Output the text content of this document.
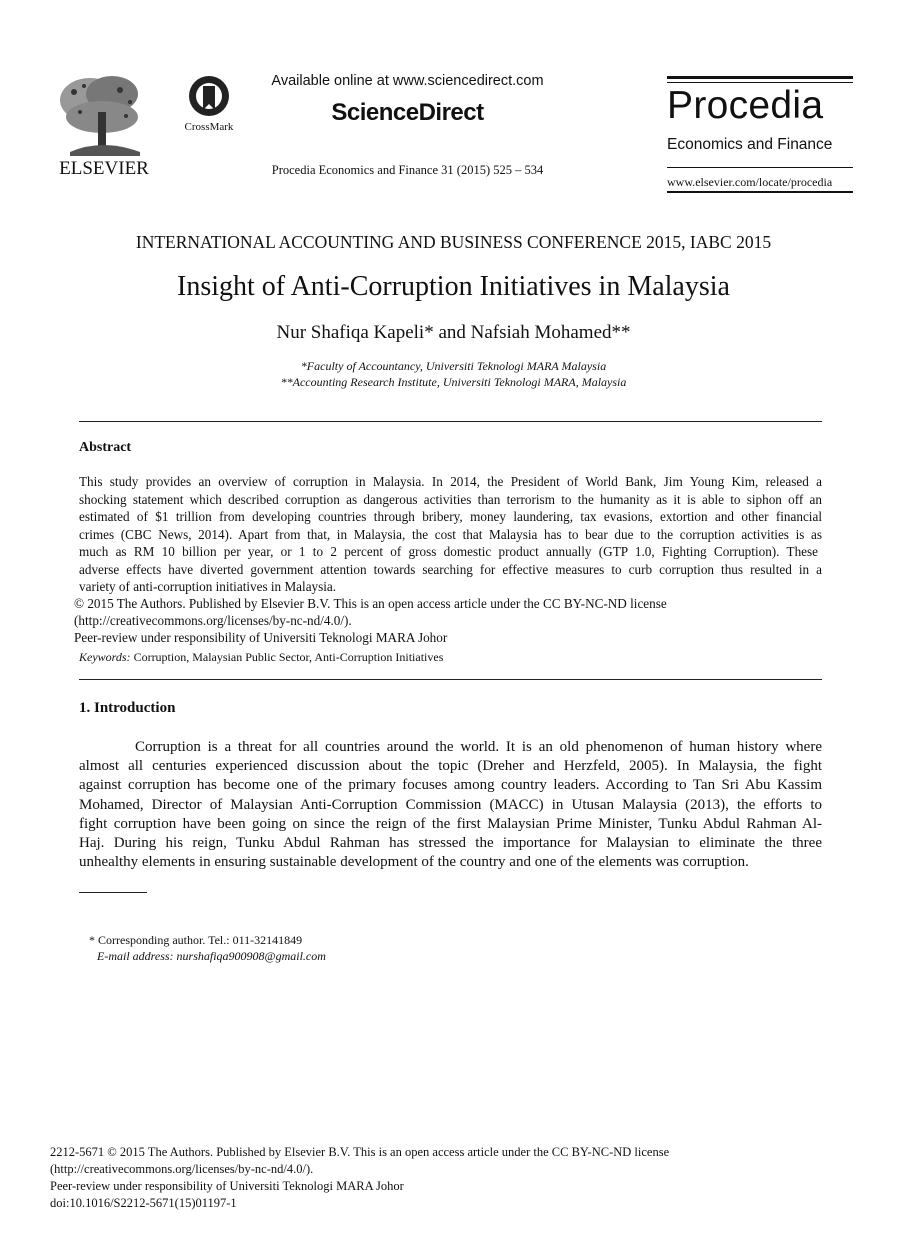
ELSEVIER
CrossMark
Available online at www.sciencedirect.com
ScienceDirect
Procedia Economics and Finance 31 (2015) 525 – 534
Procedia
Economics and Finance
www.elsevier.com/locate/procedia
INTERNATIONAL ACCOUNTING AND BUSINESS CONFERENCE 2015, IABC 2015
Insight of Anti-Corruption Initiatives in Malaysia
Nur Shafiqa Kapeli* and Nafsiah Mohamed**
*Faculty of Accountancy, Universiti Teknologi MARA Malaysia
**Accounting Research Institute, Universiti Teknologi MARA, Malaysia
Abstract
This study provides an overview of corruption in Malaysia. In 2014, the President of World Bank, Jim Young Kim, released a
shocking statement which described corruption as dangerous activities than terrorism to the humanity as it is able to siphon off an
estimated of $1 trillion from developing countries through bribery, money laundering, tax evasions, extortion and other financial
crimes (CBC News, 2014). Apart from that, in Malaysia, the cost that Malaysia has to bear due to the corruption activities is as
much as RM 10 billion per year, or 1 to 2 percent of gross domestic product annually (GTP 1.0, Fighting Corruption). These
adverse effects have diverted government attention towards searching for effective measures to curb corruption thus resulted in a
variety of anti-corruption initiatives in Malaysia.
© 2015 The Authors. Published by Elsevier B.V. This is an open access article under the CC BY-NC-ND license
(http://creativecommons.org/licenses/by-nc-nd/4.0/).
Peer-review under responsibility of Universiti Teknologi MARA Johor
Keywords: Corruption, Malaysian Public Sector, Anti-Corruption Initiatives
1. Introduction
Corruption is a threat for all countries around the world. It is an old phenomenon of human history where
almost all centuries experienced discussion about the topic (Dreher and Herzfeld, 2005). In Malaysia, the fight
against corruption has become one of the primary focuses among country leaders. According to Tan Sri Abu Kassim
Mohamed, Director of Malaysian Anti-Corruption Commission (MACC) in Utusan Malaysia (2013), the efforts to
fight corruption have been going on since the reign of the first Malaysian Prime Minister, Tunku Abdul Rahman Al-
Haj. During his reign, Tunku Abdul Rahman has stressed the importance for Malaysian to eliminate the three
unhealthy elements in ensuring sustainable development of the country and one of the elements was corruption.
* Corresponding author. Tel.: 011-32141849
E-mail address: nurshafiqa900908@gmail.com
2212-5671 © 2015 The Authors. Published by Elsevier B.V. This is an open access article under the CC BY-NC-ND license
(http://creativecommons.org/licenses/by-nc-nd/4.0/).
Peer-review under responsibility of Universiti Teknologi MARA Johor
doi:10.1016/S2212-5671(15)01197-1
